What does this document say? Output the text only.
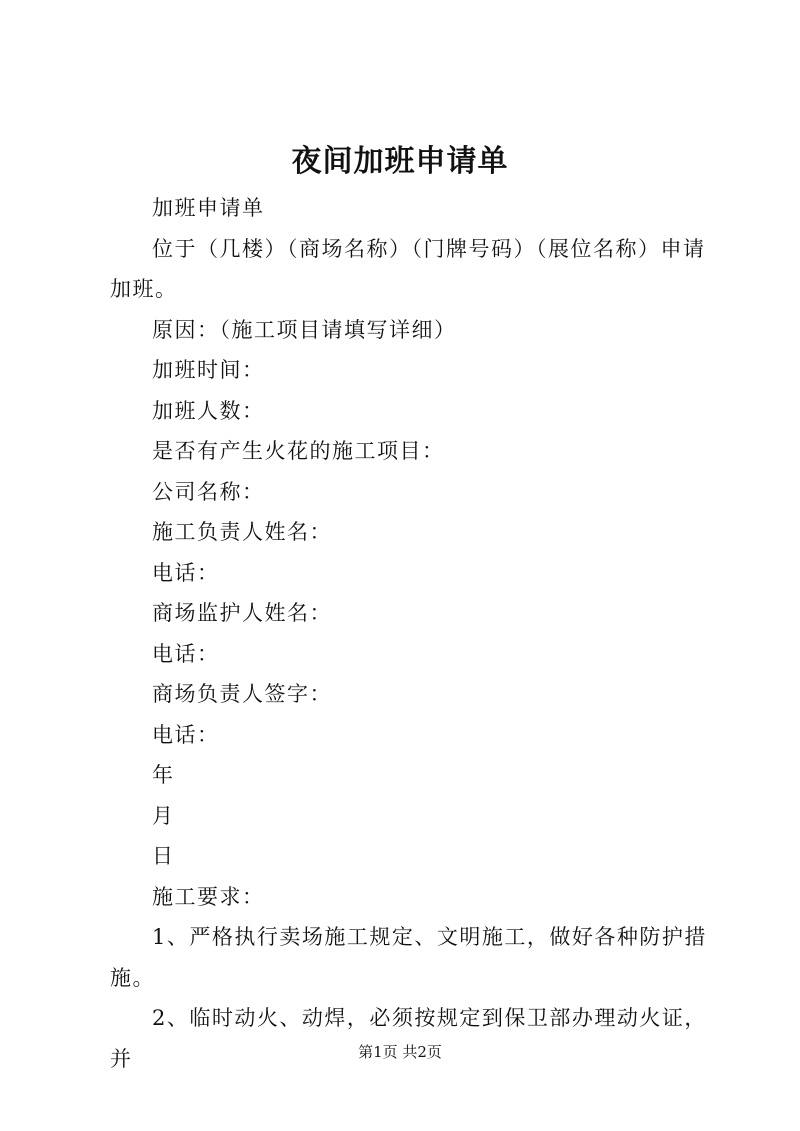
夜间加班申请单

加班申请单

位于（几楼）（商场名称）（门牌号码）（展位名称）申请加班。

原因：（施工项目请填写详细）

加班时间：

加班人数：

是否有产生火花的施工项目：

公司名称：

施工负责人姓名：

电话：

商场监护人姓名：

电话：

商场负责人签字：

电话：

年

月

日

施工要求：

1、严格执行卖场施工规定、文明施工，做好各种防护措施。

2、临时动火、动焊，必须按规定到保卫部办理动火证，并	第1页 共2页
